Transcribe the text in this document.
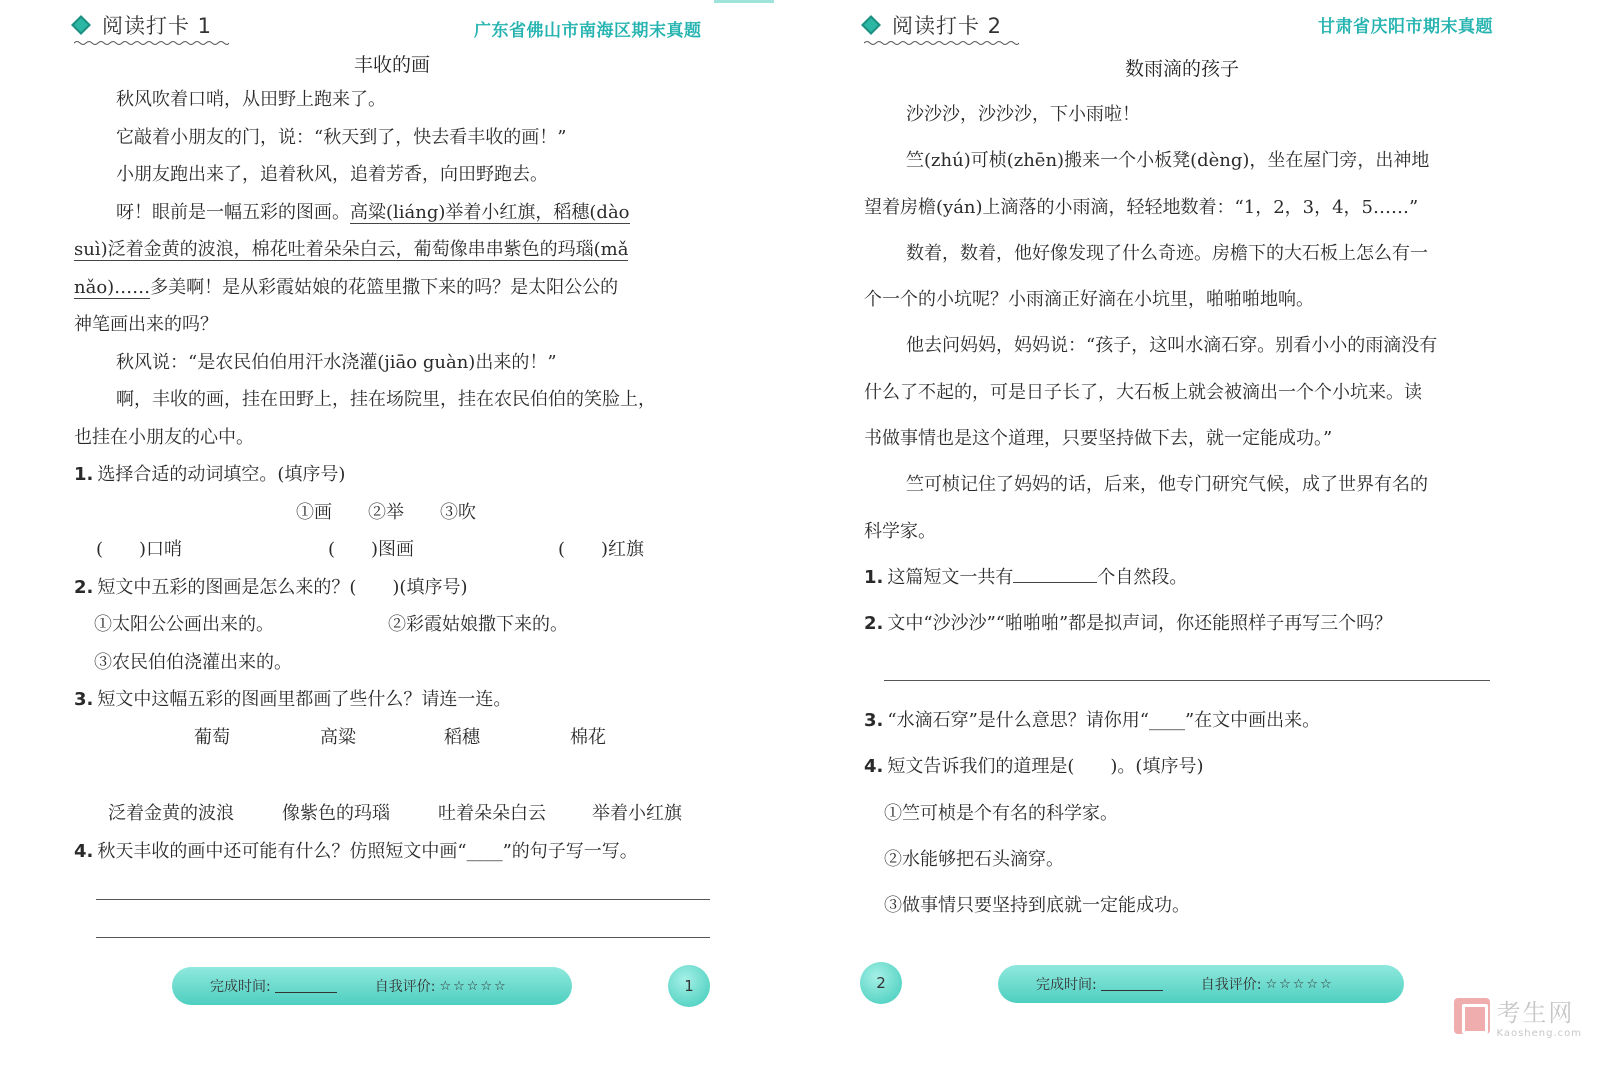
阅读打卡 1	广东省佛山市南海区期末真题
丰收的画

秋风吹着口哨，从田野上跑来了。

它敲着小朋友的门，说：“秋天到了，快去看丰收的画！”

小朋友跑出来了，追着秋风，追着芳香，向田野跑去。

呀！眼前是一幅五彩的图画。高粱(liáng)举着小红旗，稻穗(dào

suì)泛着金黄的波浪，棉花吐着朵朵白云，葡萄像串串紫色的玛瑙(mǎ

nǎo)……多美啊！是从彩霞姑娘的花篮里撒下来的吗？是太阳公公的

神笔画出来的吗？

秋风说：“是农民伯伯用汗水浇灌(jiāo guàn)出来的！”

啊，丰收的画，挂在田野上，挂在场院里，挂在农民伯伯的笑脸上，

也挂在小朋友的心中。

1. 选择合适的动词填空。(填序号)

①画　　②举　　③吹

(　　)口哨	(　　)图画	(　　)红旗

2. 短文中五彩的图画是怎么来的？(　　)(填序号)

①太阳公公画出来的。	②彩霞姑娘撒下来的。

③农民伯伯浇灌出来的。

3. 短文中这幅五彩的图画里都画了些什么？请连一连。

葡萄	高粱	稻穗	棉花

泛着金黄的波浪	像紫色的玛瑙	吐着朵朵白云	举着小红旗

4. 秋天丰收的画中还可能有什么？仿照短文中画“____”的句子写一写。

完成时间:	自我评价: ☆☆☆☆☆	1
阅读打卡 2	甘肃省庆阳市期末真题
数雨滴的孩子

沙沙沙，沙沙沙，下小雨啦！

竺(zhú)可桢(zhēn)搬来一个小板凳(dèng)，坐在屋门旁，出神地

望着房檐(yán)上滴落的小雨滴，轻轻地数着：“1，2，3，4，5……”

数着，数着，他好像发现了什么奇迹。房檐下的大石板上怎么有一

个一个的小坑呢？小雨滴正好滴在小坑里，啪啪啪地响。

他去问妈妈，妈妈说：“孩子，这叫水滴石穿。别看小小的雨滴没有

什么了不起的，可是日子长了，大石板上就会被滴出一个个小坑来。读

书做事情也是这个道理，只要坚持做下去，就一定能成功。”

竺可桢记住了妈妈的话，后来，他专门研究气候，成了世界有名的

科学家。

1. 这篇短文一共有	个自然段。

2. 文中“沙沙沙”“啪啪啪”都是拟声词，你还能照样子再写三个吗？

3. “水滴石穿”是什么意思？请你用“____”在文中画出来。

4. 短文告诉我们的道理是(　　)。(填序号)

①竺可桢是个有名的科学家。

②水能够把石头滴穿。

③做事情只要坚持到底就一定能成功。

2	完成时间:	自我评价: ☆☆☆☆☆
考生网
Kaosheng.com
